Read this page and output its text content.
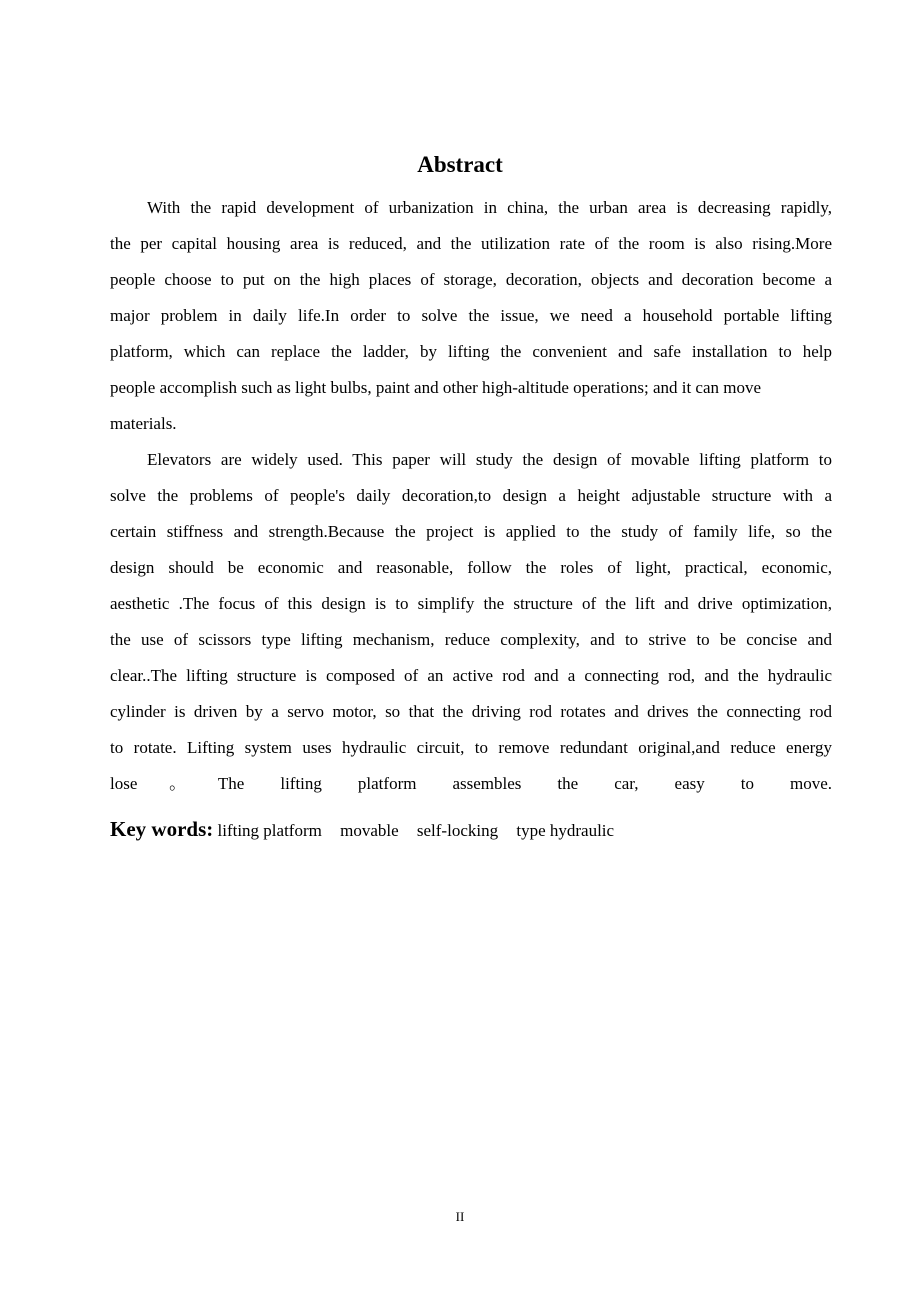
Abstract

With the rapid development of urbanization in china, the urban area is decreasing rapidly,
the per capital housing area is reduced, and the utilization rate of the room is also rising.More
people choose to put on the high places of storage, decoration, objects and decoration become a
major problem in daily life.In order to solve the issue, we need a household portable lifting
platform, which can replace the ladder, by lifting the convenient and safe installation to help
people accomplish such as light bulbs, paint and other high-altitude operations; and it can move
materials.

Elevators are widely used. This paper will study the design of movable lifting platform to
solve the problems of people's daily decoration,to design a height adjustable structure with a
certain stiffness and strength.Because the project is applied to the study of family life, so the
design should be economic and reasonable, follow the roles of light, practical, economic,
aesthetic .The focus of this design is to simplify the structure of the lift and drive optimization,
the use of scissors type lifting mechanism, reduce complexity, and to strive to be concise and
clear..The lifting structure is composed of an active rod and a connecting rod, and the hydraulic
cylinder is driven by a servo motor, so that the driving rod rotates and drives the connecting rod
to rotate. Lifting system uses hydraulic circuit, to remove redundant original,and reduce energy
lose。The lifting platform assembles the car, easy to move.

Key words: lifting platform movable self-locking type hydraulic
II
